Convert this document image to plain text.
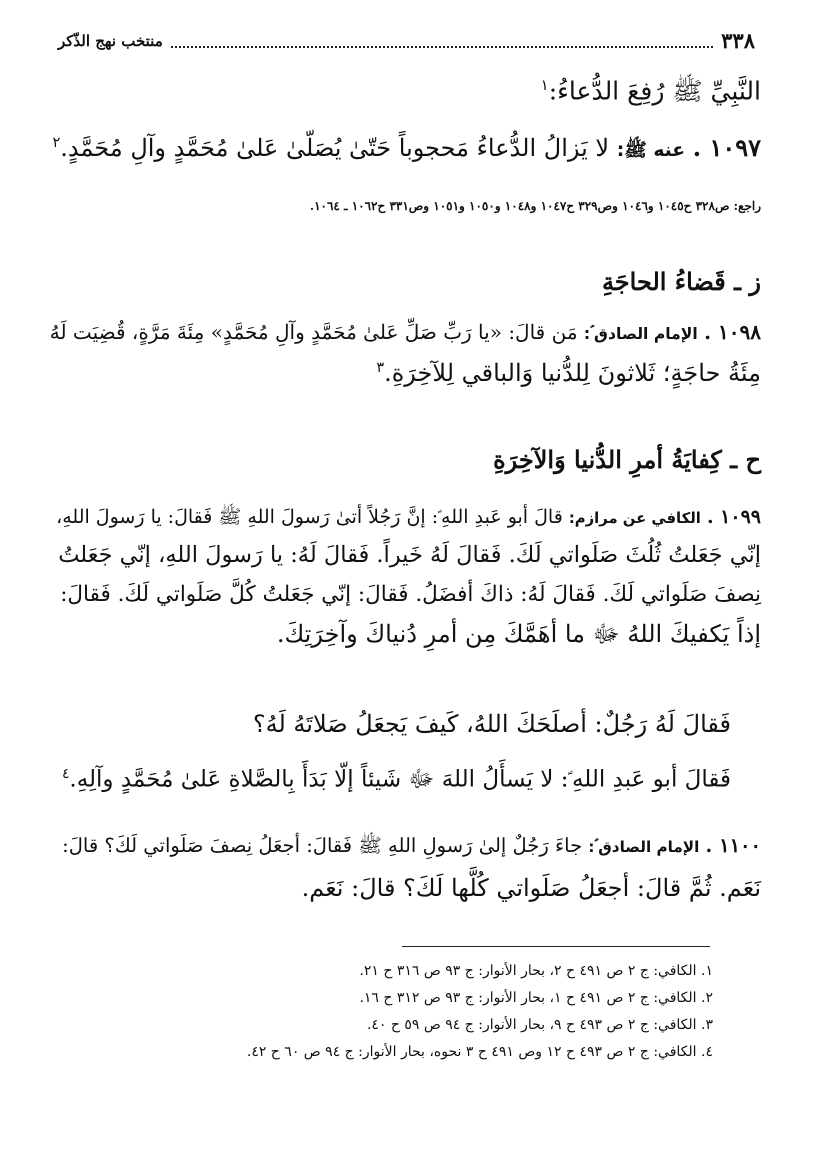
٣٣٨
منتخب نهج الذّكر
النَّبِيِّ ﷺ رُفِعَ الدُّعاءُ:$^١$
١٠٩٧ . عنه ﷺ: لا يَزالُ الدُّعاءُ مَحجوباً حَتّىٰ يُصَلّىٰ عَلىٰ مُحَمَّدٍ وآلِ مُحَمَّدٍ.$^٢$
راجع: ص٣٢٨ ح١٠٤٥ و١٠٤٦ وص٣٢٩ ح١٠٤٧ و١٠٤٨ و١٠٥٠ و١٠٥١ وص٣٣١ ح١٠٦٢ ـ ١٠٦٤.
ز ـ قَضاءُ الحاجَةِ
١٠٩٨ . الإمام الصادق ؑ: مَن قالَ: «يا رَبِّ صَلِّ عَلىٰ مُحَمَّدٍ وآلِ مُحَمَّدٍ» مِئَةَ مَرَّةٍ، قُضِيَت لَهُ
مِئَةُ حاجَةٍ؛ ثَلاثونَ لِلدُّنيا وَالباقي لِلآخِرَةِ.$^٣$
ح ـ كِفايَةُ أمرِ الدُّنيا وَالآخِرَةِ
١٠٩٩ . الكافي عن مرازم: قالَ أبو عَبدِ اللهِ ؑ: إنَّ رَجُلاً أتىٰ رَسولَ اللهِ ﷺ فَقالَ: يا رَسولَ اللهِ،
إنّي جَعَلتُ ثُلُثَ صَلَواتي لَكَ. فَقالَ لَهُ خَيراً. فَقالَ لَهُ: يا رَسولَ اللهِ، إنّي جَعَلتُ
نِصفَ صَلَواتي لَكَ. فَقالَ لَهُ: ذاكَ أفضَلُ. فَقالَ: إنّي جَعَلتُ كُلَّ صَلَواتي لَكَ. فَقالَ:
إذاً يَكفيكَ اللهُ ﷻ ما أهَمَّكَ مِن أمرِ دُنياكَ وآخِرَتِكَ.
فَقالَ لَهُ رَجُلٌ: أصلَحَكَ اللهُ، كَيفَ يَجعَلُ صَلاتَهُ لَهُ؟
فَقالَ أبو عَبدِ اللهِ ؑ: لا يَسأَلُ اللهَ ﷻ شَيئاً إلّا بَدَأَ بِالصَّلاةِ عَلىٰ مُحَمَّدٍ وآلِهِ.$^٤$
١١٠٠ . الإمام الصادق ؑ: جاءَ رَجُلٌ إلىٰ رَسولِ اللهِ ﷺ فَقالَ: أجعَلُ نِصفَ صَلَواتي لَكَ؟ قالَ:
نَعَم. ثُمَّ قالَ: أجعَلُ صَلَواتي كُلَّها لَكَ؟ قالَ: نَعَم.
١. الكافي: ج ٢ ص ٤٩١ ح ٢، بحار الأنوار: ج ٩٣ ص ٣١٦ ح ٢١.
٢. الكافي: ج ٢ ص ٤٩١ ح ١، بحار الأنوار: ج ٩٣ ص ٣١٢ ح ١٦.
٣. الكافي: ج ٢ ص ٤٩٣ ح ٩، بحار الأنوار: ج ٩٤ ص ٥٩ ح ٤٠.
٤. الكافي: ج ٢ ص ٤٩٣ ح ١٢ وص ٤٩١ ح ٣ نحوه، بحار الأنوار: ج ٩٤ ص ٦٠ ح ٤٢.
